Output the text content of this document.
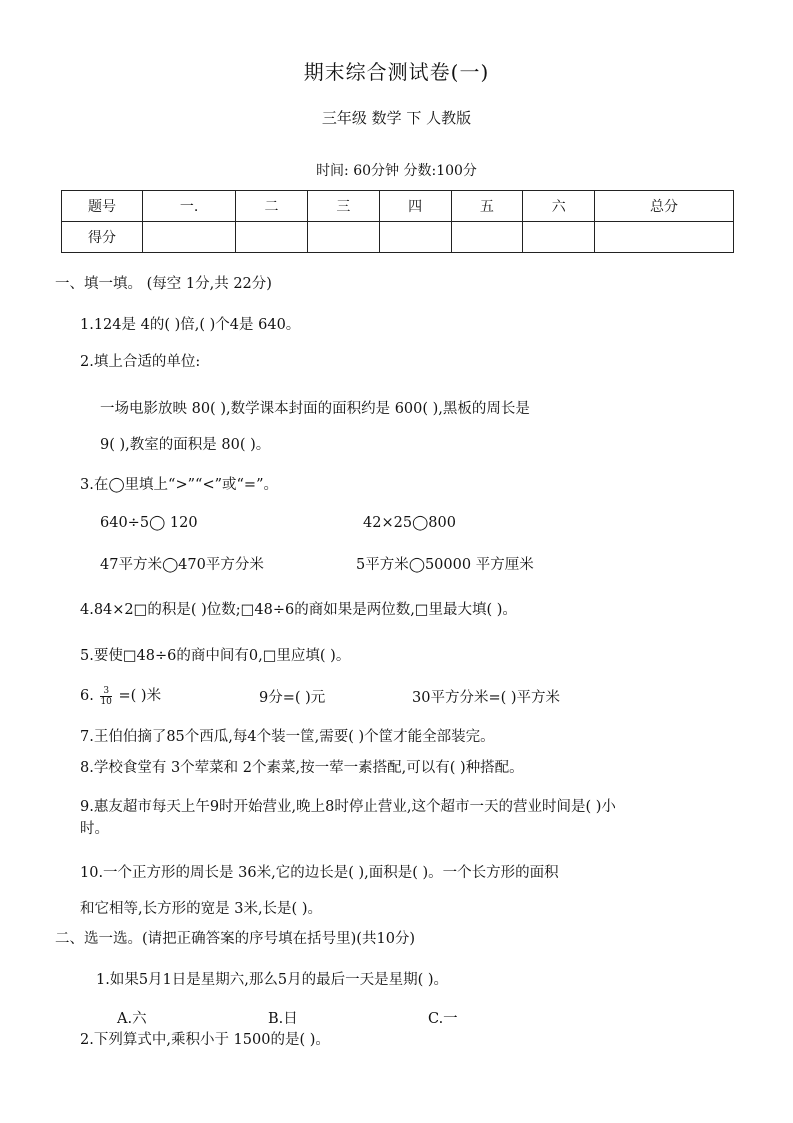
期末综合测试卷(一)
三年级 数学 下 人教版
时间: 60分钟 分数:100分
题号	一.	二	三	四	五	六	总分
得分							
一、填一填。 (每空 1分,共 22分)
1.124是 4的( )倍,( )个4是 640。
2.填上合适的单位:
一场电影放映 80( ),数学课本封面的面积约是 600( ),黑板的周长是
9( ),教室的面积是 80( )。
3.在◯里填上“>”“<”或“=”。
640÷5◯ 120	42×25◯800
47平方米◯470平方分米	5平方米◯50000 平方厘米
4.84×2□的积是( )位数;□48÷6的商如果是两位数,□里最大填( )。
5.要使□48÷6的商中间有0,□里应填( )。
6. $\frac{3}{10}$ =( )米	9分=( )元	30平方分米=( )平方米
7.王伯伯摘了85个西瓜,每4个装一筐,需要( )个筐才能全部装完。
8.学校食堂有 3个荤菜和 2个素菜,按一荤一素搭配,可以有( )种搭配。
9.惠友超市每天上午9时开始营业,晚上8时停止营业,这个超市一天的营业时间是( )小
时。
10.一个正方形的周长是 36米,它的边长是( ),面积是( )。一个长方形的面积
和它相等,长方形的宽是 3米,长是( )。
二、选一选。(请把正确答案的序号填在括号里)(共10分)
1.如果5月1日是星期六,那么5月的最后一天是星期( )。
A.六	B.日	C.一
2.下列算式中,乘积小于 1500的是( )。
